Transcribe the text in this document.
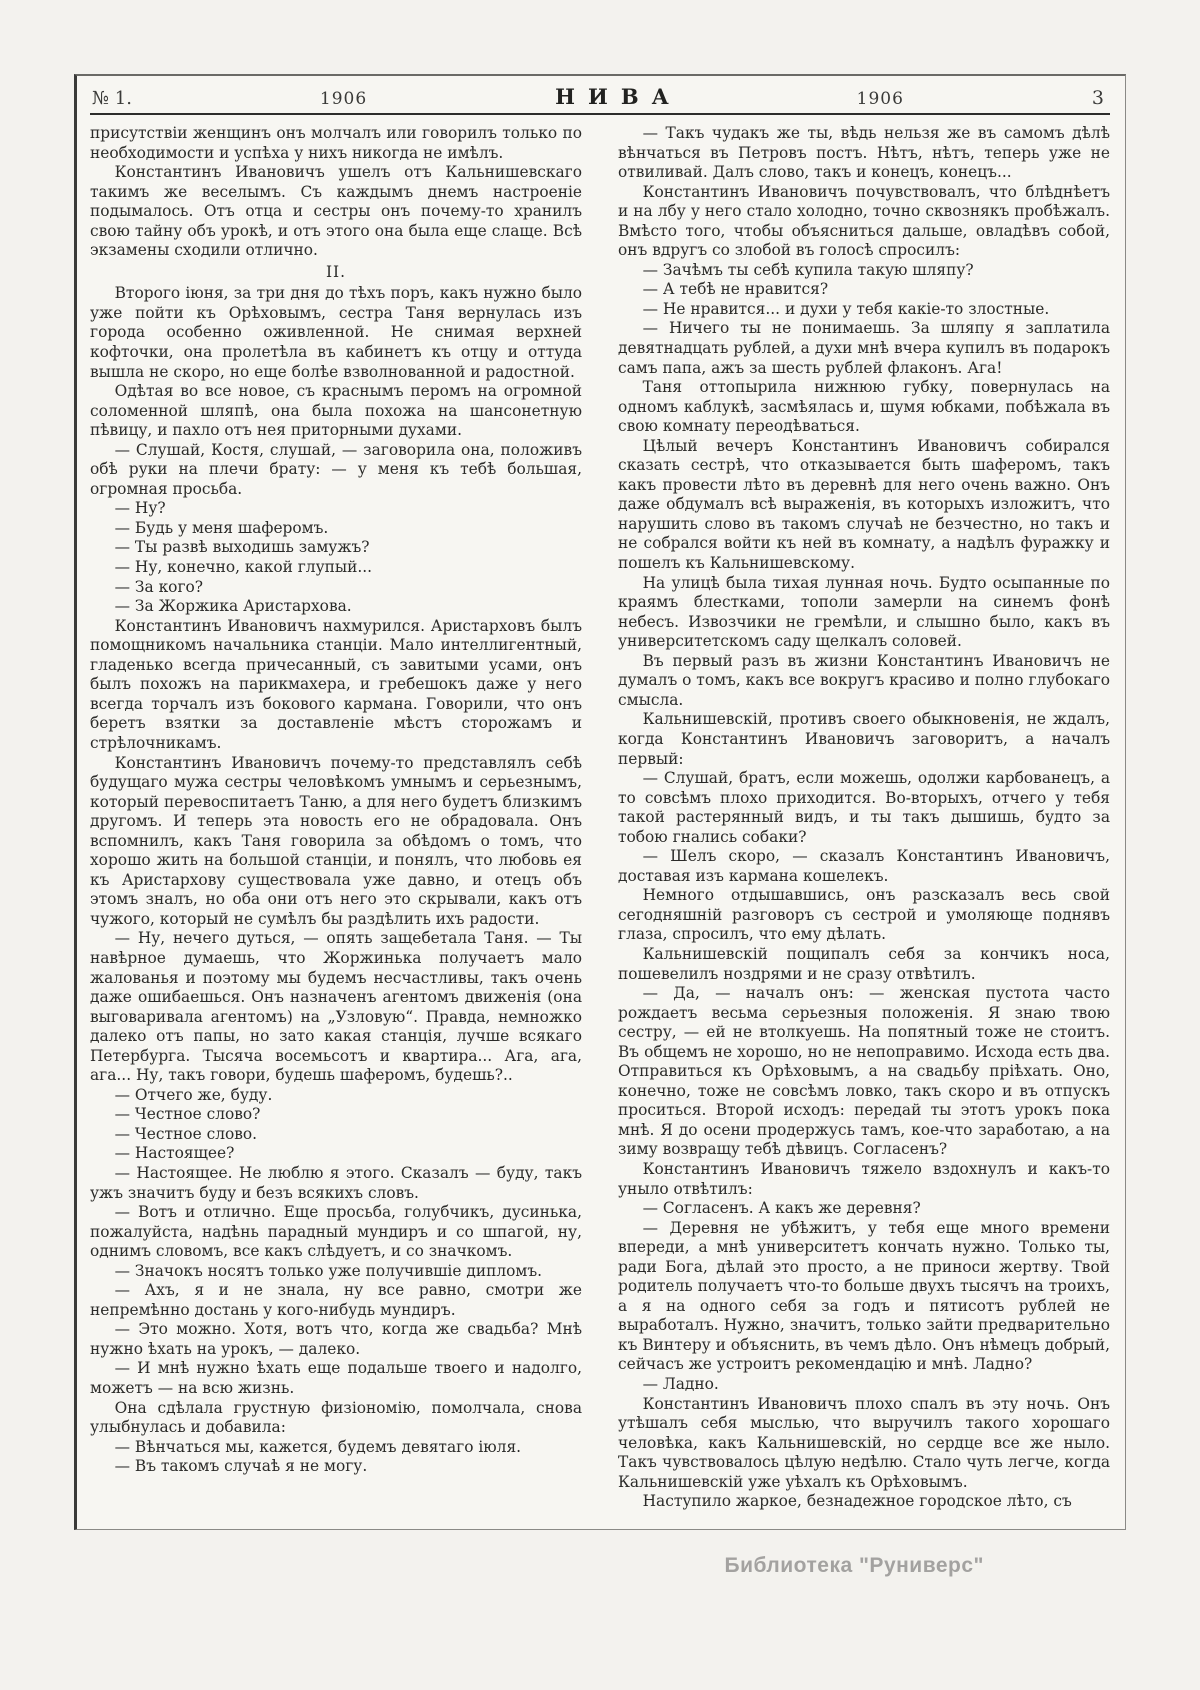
№ 1.	1906	НИВА	1906	3

присутствіи женщинъ онъ молчалъ или говорилъ только по необходимости и успѣха у нихъ никогда не имѣлъ.

Константинъ Ивановичъ ушелъ отъ Кальнишевскаго такимъ же веселымъ. Съ каждымъ днемъ настроеніе подымалось. Отъ отца и сестры онъ почему-то хранилъ свою тайну объ урокѣ, и отъ этого она была еще слаще. Всѣ экзамены сходили отлично.

II.

Второго іюня, за три дня до тѣхъ поръ, какъ нужно было уже пойти къ Орѣховымъ, сестра Таня вернулась изъ города особенно оживленной. Не снимая верхней кофточки, она пролетѣла въ кабинетъ къ отцу и оттуда вышла не скоро, но еще болѣе взволнованной и радостной.

Одѣтая во все новое, съ краснымъ перомъ на огромной соломенной шляпѣ, она была похожа на шансонетную пѣвицу, и пахло отъ нея приторными духами.

— Слушай, Костя, слушай, — заговорила она, положивъ обѣ руки на плечи брату: — у меня къ тебѣ большая, огромная просьба.

— Ну?

— Будь у меня шаферомъ.

— Ты развѣ выходишь замужъ?

— Ну, конечно, какой глупый...

— За кого?

— За Жоржика Аристархова.

Константинъ Ивановичъ нахмурился. Аристарховъ былъ помощникомъ начальника станціи. Мало интеллигентный, гладенько всегда причесанный, съ завитыми усами, онъ былъ похожъ на парикмахера, и гребешокъ даже у него всегда торчалъ изъ бокового кармана. Говорили, что онъ беретъ взятки за доставленіе мѣстъ сторожамъ и стрѣлочникамъ.

Константинъ Ивановичъ почему-то представлялъ себѣ будущаго мужа сестры человѣкомъ умнымъ и серьезнымъ, который перевоспитаетъ Таню, а для него будетъ близкимъ другомъ. И теперь эта новость его не обрадовала. Онъ вспомнилъ, какъ Таня говорила за обѣдомъ о томъ, что хорошо жить на большой станціи, и понялъ, что любовь ея къ Аристархову существовала уже давно, и отецъ объ этомъ зналъ, но оба они отъ него это скрывали, какъ отъ чужого, который не сумѣлъ бы раздѣлить ихъ радости.

— Ну, нечего дуться, — опять защебетала Таня. — Ты навѣрное думаешь, что Жоржинька получаетъ мало жалованья и поэтому мы будемъ несчастливы, такъ очень даже ошибаешься. Онъ назначенъ агентомъ движенія (она выговаривала агентомъ) на „Узловую“. Правда, немножко далеко отъ папы, но зато какая станція, лучше всякаго Петербурга. Тысяча восемьсотъ и квартира... Ага, ага, ага... Ну, такъ говори, будешь шаферомъ, будешь?..

— Отчего же, буду.

— Честное слово?

— Честное слово.

— Настоящее?

— Настоящее. Не люблю я этого. Сказалъ — буду, такъ ужъ значитъ буду и безъ всякихъ словъ.

— Вотъ и отлично. Еще просьба, голубчикъ, дусинька, пожалуйста, надѣнь парадный мундиръ и со шпагой, ну, однимъ словомъ, все какъ слѣдуетъ, и со значкомъ.

— Значокъ носятъ только уже получившіе дипломъ.

— Ахъ, я и не знала, ну все равно, смотри же непремѣнно достань у кого-нибудь мундиръ.

— Это можно. Хотя, вотъ что, когда же свадьба? Мнѣ нужно ѣхать на урокъ, — далеко.

— И мнѣ нужно ѣхать еще подальше твоего и надолго, можетъ — на всю жизнь.

Она сдѣлала грустную физіономію, помолчала, снова улыбнулась и добавила:

— Вѣнчаться мы, кажется, будемъ девятаго іюля.

— Въ такомъ случаѣ я не могу.

— Такъ чудакъ же ты, вѣдь нельзя же въ самомъ дѣлѣ вѣнчаться въ Петровъ постъ. Нѣтъ, нѣтъ, теперь уже не отвиливай. Далъ слово, такъ и конецъ, конецъ...

Константинъ Ивановичъ почувствовалъ, что блѣднѣетъ и на лбу у него стало холодно, точно сквознякъ пробѣжалъ. Вмѣсто того, чтобы объясниться дальше, овладѣвъ собой, онъ вдругъ со злобой въ голосѣ спросилъ:

— Зачѣмъ ты себѣ купила такую шляпу?

— А тебѣ не нравится?

— Не нравится... и духи у тебя какіе-то злостные.

— Ничего ты не понимаешь. За шляпу я заплатила девятнадцать рублей, а духи мнѣ вчера купилъ въ подарокъ самъ папа, ажъ за шесть рублей флаконъ. Ага!

Таня оттопырила нижнюю губку, повернулась на одномъ каблукѣ, засмѣялась и, шумя юбками, побѣжала въ свою комнату переодѣваться.

Цѣлый вечеръ Константинъ Ивановичъ собирался сказать сестрѣ, что отказывается быть шаферомъ, такъ какъ провести лѣто въ деревнѣ для него очень важно. Онъ даже обдумалъ всѣ выраженія, въ которыхъ изложитъ, что нарушить слово въ такомъ случаѣ не безчестно, но такъ и не собрался войти къ ней въ комнату, а надѣлъ фуражку и пошелъ къ Кальнишевскому.

На улицѣ была тихая лунная ночь. Будто осыпанные по краямъ блестками, тополи замерли на синемъ фонѣ небесъ. Извозчики не гремѣли, и слышно было, какъ въ университетскомъ саду щелкалъ соловей.

Въ первый разъ въ жизни Константинъ Ивановичъ не думалъ о томъ, какъ все вокругъ красиво и полно глубокаго смысла.

Кальнишевскій, противъ своего обыкновенія, не ждалъ, когда Константинъ Ивановичъ заговоритъ, а началъ первый:

— Слушай, братъ, если можешь, одолжи карбованецъ, а то совсѣмъ плохо приходится. Во-вторыхъ, отчего у тебя такой растерянный видъ, и ты такъ дышишь, будто за тобою гнались собаки?

— Шелъ скоро, — сказалъ Константинъ Ивановичъ, доставая изъ кармана кошелекъ.

Немного отдышавшись, онъ разсказалъ весь свой сегодняшній разговоръ съ сестрой и умоляюще поднявъ глаза, спросилъ, что ему дѣлать.

Кальнишевскій пощипалъ себя за кончикъ носа, пошевелилъ ноздрями и не сразу отвѣтилъ.

— Да, — началъ онъ: — женская пустота часто рождаетъ весьма серьезныя положенія. Я знаю твою сестру, — ей не втолкуешь. На попятный тоже не стоитъ. Въ общемъ не хорошо, но не непоправимо. Исхода есть два. Отправиться къ Орѣховымъ, а на свадьбу пріѣхать. Оно, конечно, тоже не совсѣмъ ловко, такъ скоро и въ отпускъ проситься. Второй исходъ: передай ты этотъ урокъ пока мнѣ. Я до осени продержусь тамъ, кое-что заработаю, а на зиму возвращу тебѣ дѣвицъ. Согласенъ?

Константинъ Ивановичъ тяжело вздохнулъ и какъ-то уныло отвѣтилъ:

— Согласенъ. А какъ же деревня?

— Деревня не убѣжитъ, у тебя еще много времени впереди, а мнѣ университетъ кончать нужно. Только ты, ради Бога, дѣлай это просто, а не приноси жертву. Твой родитель получаетъ что-то больше двухъ тысячъ на троихъ, а я на одного себя за годъ и пятисотъ рублей не выработалъ. Нужно, значитъ, только зайти предварительно къ Винтеру и объяснить, въ чемъ дѣло. Онъ нѣмецъ добрый, сейчасъ же устроитъ рекомендацію и мнѣ. Ладно?

— Ладно.

Константинъ Ивановичъ плохо спалъ въ эту ночь. Онъ утѣшалъ себя мыслью, что выручилъ такого хорошаго человѣка, какъ Кальнишевскій, но сердце все же ныло. Такъ чувствовалось цѣлую недѣлю. Стало чуть легче, когда Кальнишевскій уже уѣхалъ къ Орѣховымъ.

Наступило жаркое, безнадежное городское лѣто, съ

Библиотека "Руниверс"
